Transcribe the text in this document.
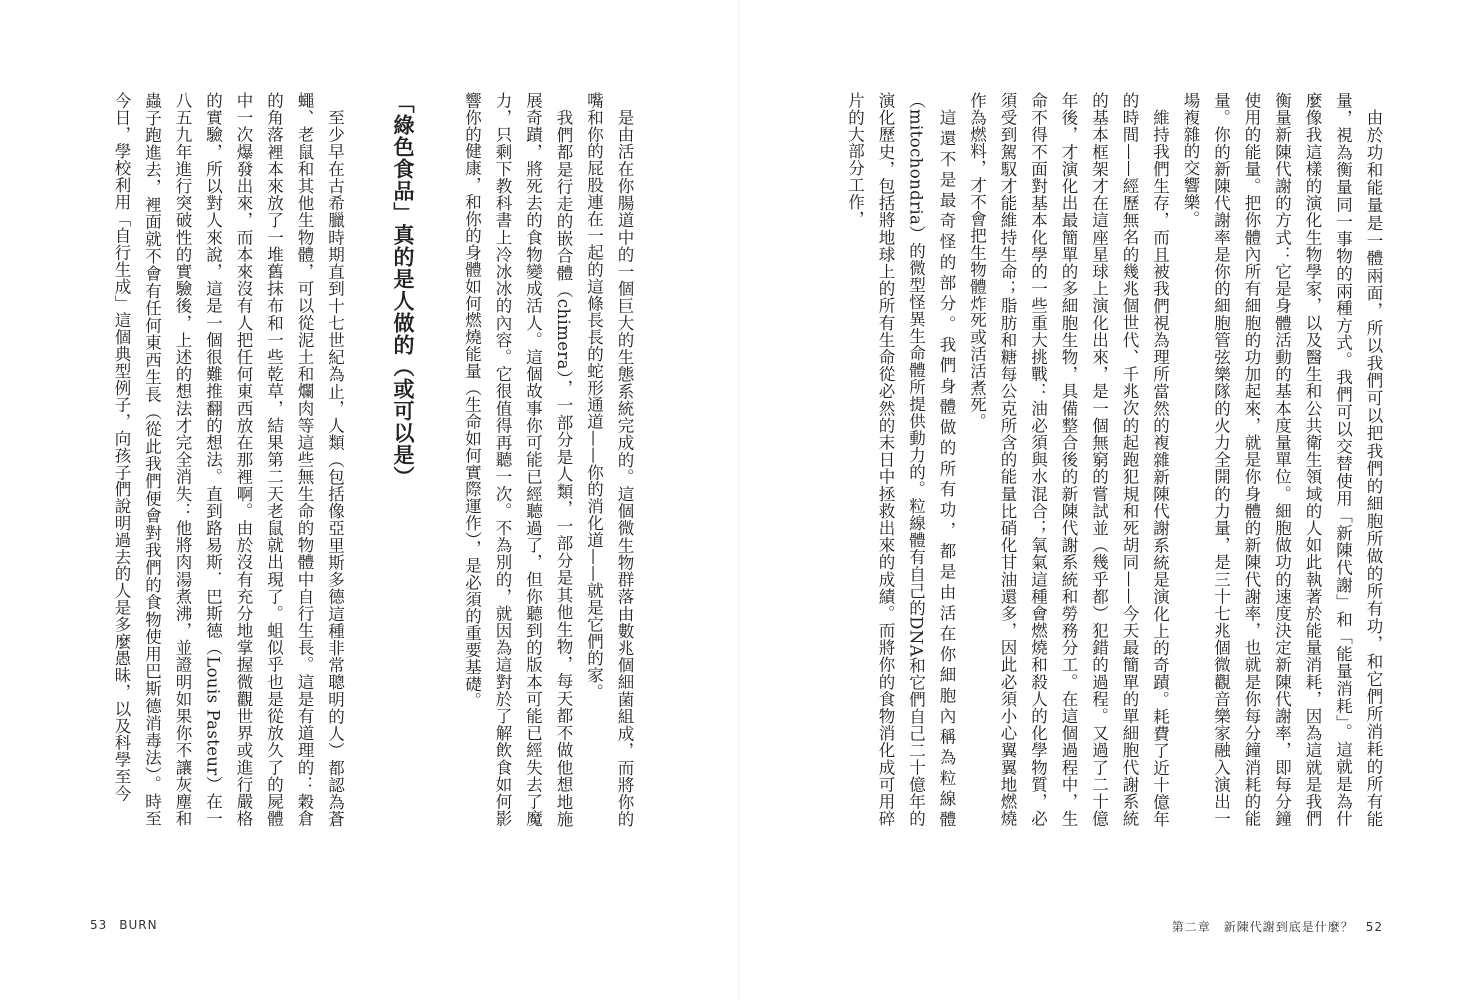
由於功和能量是一體兩面，所以我們可以把我們的細胞所做的所有功，和它們所消耗的所有能量，視為衡量同一事物的兩種方式。我們可以交替使用「新陳代謝」和「能量消耗」。這就是為什麼像我這樣的演化生物學家，以及醫生和公共衛生領域的人如此執著於能量消耗，因為這就是我們衡量新陳代謝的方式：它是身體活動的基本度量單位。細胞做功的速度決定新陳代謝率，即每分鐘使用的能量。把你體內所有細胞的功加起來，就是你身體的新陳代謝率，也就是你每分鐘消耗的能量。你的新陳代謝率是你的細胞管弦樂隊的火力全開的力量，是三十七兆個微觀音樂家融入演出一場複雜的交響樂。

維持我們生存，而且被我們視為理所當然的複雜新陳代謝系統是演化上的奇蹟。耗費了近十億年的時間——經歷無名的幾兆個世代、千兆次的起跑犯規和死胡同——今天最簡單的單細胞代謝系統的基本框架才在這座星球上演化出來，是一個無窮的嘗試並（幾乎都）犯錯的過程。又過了二十億年後，才演化出最簡單的多細胞生物，具備整合後的新陳代謝系統和勞務分工。在這個過程中，生命不得不面對基本化學的一些重大挑戰：油必須與水混合；氧氣這種會燃燒和殺人的化學物質，必須受到駕馭才能維持生命；脂肪和糖每公克所含的能量比硝化甘油還多，因此必須小心翼翼地燃燒作為燃料，才不會把生物體炸死或活活煮死。

這還不是最奇怪的部分。我們身體做的所有功，都是由活在你細胞內稱為粒線體（mitochondria）的微型怪異生命體所提供動力的。粒線體有自己的DNA和它們自己二十億年的演化歷史，包括將地球上的所有生命從必然的末日中拯救出來的成績。而將你的食物消化成可用碎片的大部分工作，

第二章　新陳代謝到底是什麼？ 52

是由活在你腸道中的一個巨大的生態系統完成的。這個微生物群落由數兆個細菌組成，而將你的嘴和你的屁股連在一起的這條長長的蛇形通道——你的消化道——就是它們的家。

我們都是行走的嵌合體（chimera），一部分是人類，一部分是其他生物，每天都不做他想地施展奇蹟，將死去的食物變成活人。這個故事你可能已經聽過了，但你聽到的版本可能已經失去了魔力，只剩下教科書上冷冰冰的內容。它很值得再聽一次。不為別的，就因為這對於了解飲食如何影響你的健康，和你的身體如何燃燒能量（生命如何實際運作），是必須的重要基礎。

「綠色食品」真的是人做的（或可以是）

至少早在古希臘時期直到十七世紀為止，人類（包括像亞里斯多德這種非常聰明的人）都認為蒼蠅、老鼠和其他生物體，可以從泥土和爛肉等這些無生命的物體中自行生長。這是有道理的：穀倉的角落裡本來放了一堆舊抹布和一些乾草，結果第二天老鼠就出現了。蛆似乎也是從放久了的屍體中一次爆發出來，而本來沒有人把任何東西放在那裡啊。由於沒有充分地掌握微觀世界或進行嚴格的實驗，所以對人來說，這是一個很難推翻的想法。直到路易斯．巴斯德（Louis Pasteur）在一八五九年進行突破性的實驗後，上述的想法才完全消失：他將肉湯煮沸，並證明如果你不讓灰塵和蟲子跑進去，裡面就不會有任何東西生長（從此我們便會對我們的食物使用巴斯德消毒法）。時至今日，學校利用「自行生成」這個典型例子，向孩子們說明過去的人是多麼愚昧，以及科學至今

53 BURN
